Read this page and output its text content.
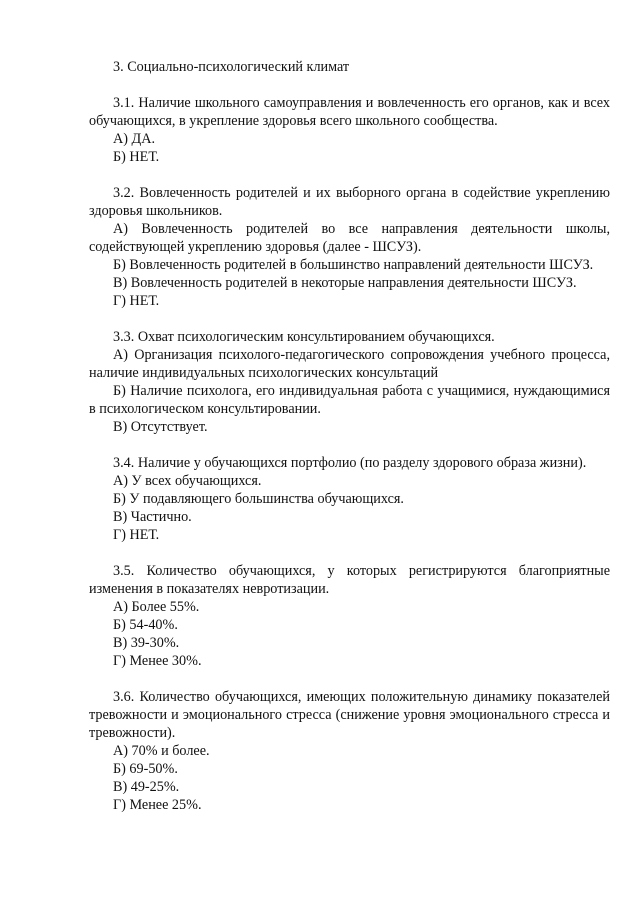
3. Социально-психологический климат

3.1. Наличие школьного самоуправления и вовлеченность его органов, как и всех обучающихся, в укрепление здоровья всего школьного сообщества.

А) ДА.

Б) НЕТ.

3.2. Вовлеченность родителей и их выборного органа в содействие укреплению здоровья школьников.

А) Вовлеченность родителей во все направления деятельности школы, содействующей укреплению здоровья (далее - ШСУЗ).

Б) Вовлеченность родителей в большинство направлений деятельности ШСУЗ.

В) Вовлеченность родителей в некоторые направления деятельности ШСУЗ.

Г) НЕТ.

3.3. Охват психологическим консультированием обучающихся.

А) Организация психолого-педагогического сопровождения учебного процесса, наличие индивидуальных психологических консультаций

Б) Наличие психолога, его индивидуальная работа с учащимися, нуждающимися в психологическом консультировании.

В) Отсутствует.

3.4. Наличие у обучающихся портфолио (по разделу здорового образа жизни).

А) У всех обучающихся.

Б) У подавляющего большинства обучающихся.

В) Частично.

Г) НЕТ.

3.5. Количество обучающихся, у которых регистрируются благоприятные изменения в показателях невротизации.

А) Более 55%.

Б) 54-40%.

В) 39-30%.

Г) Менее 30%.

3.6. Количество обучающихся, имеющих положительную динамику показателей тревожности и эмоционального стресса (снижение уровня эмоционального стресса и тревожности).

А) 70% и более.

Б) 69-50%.

В) 49-25%.

Г) Менее 25%.
